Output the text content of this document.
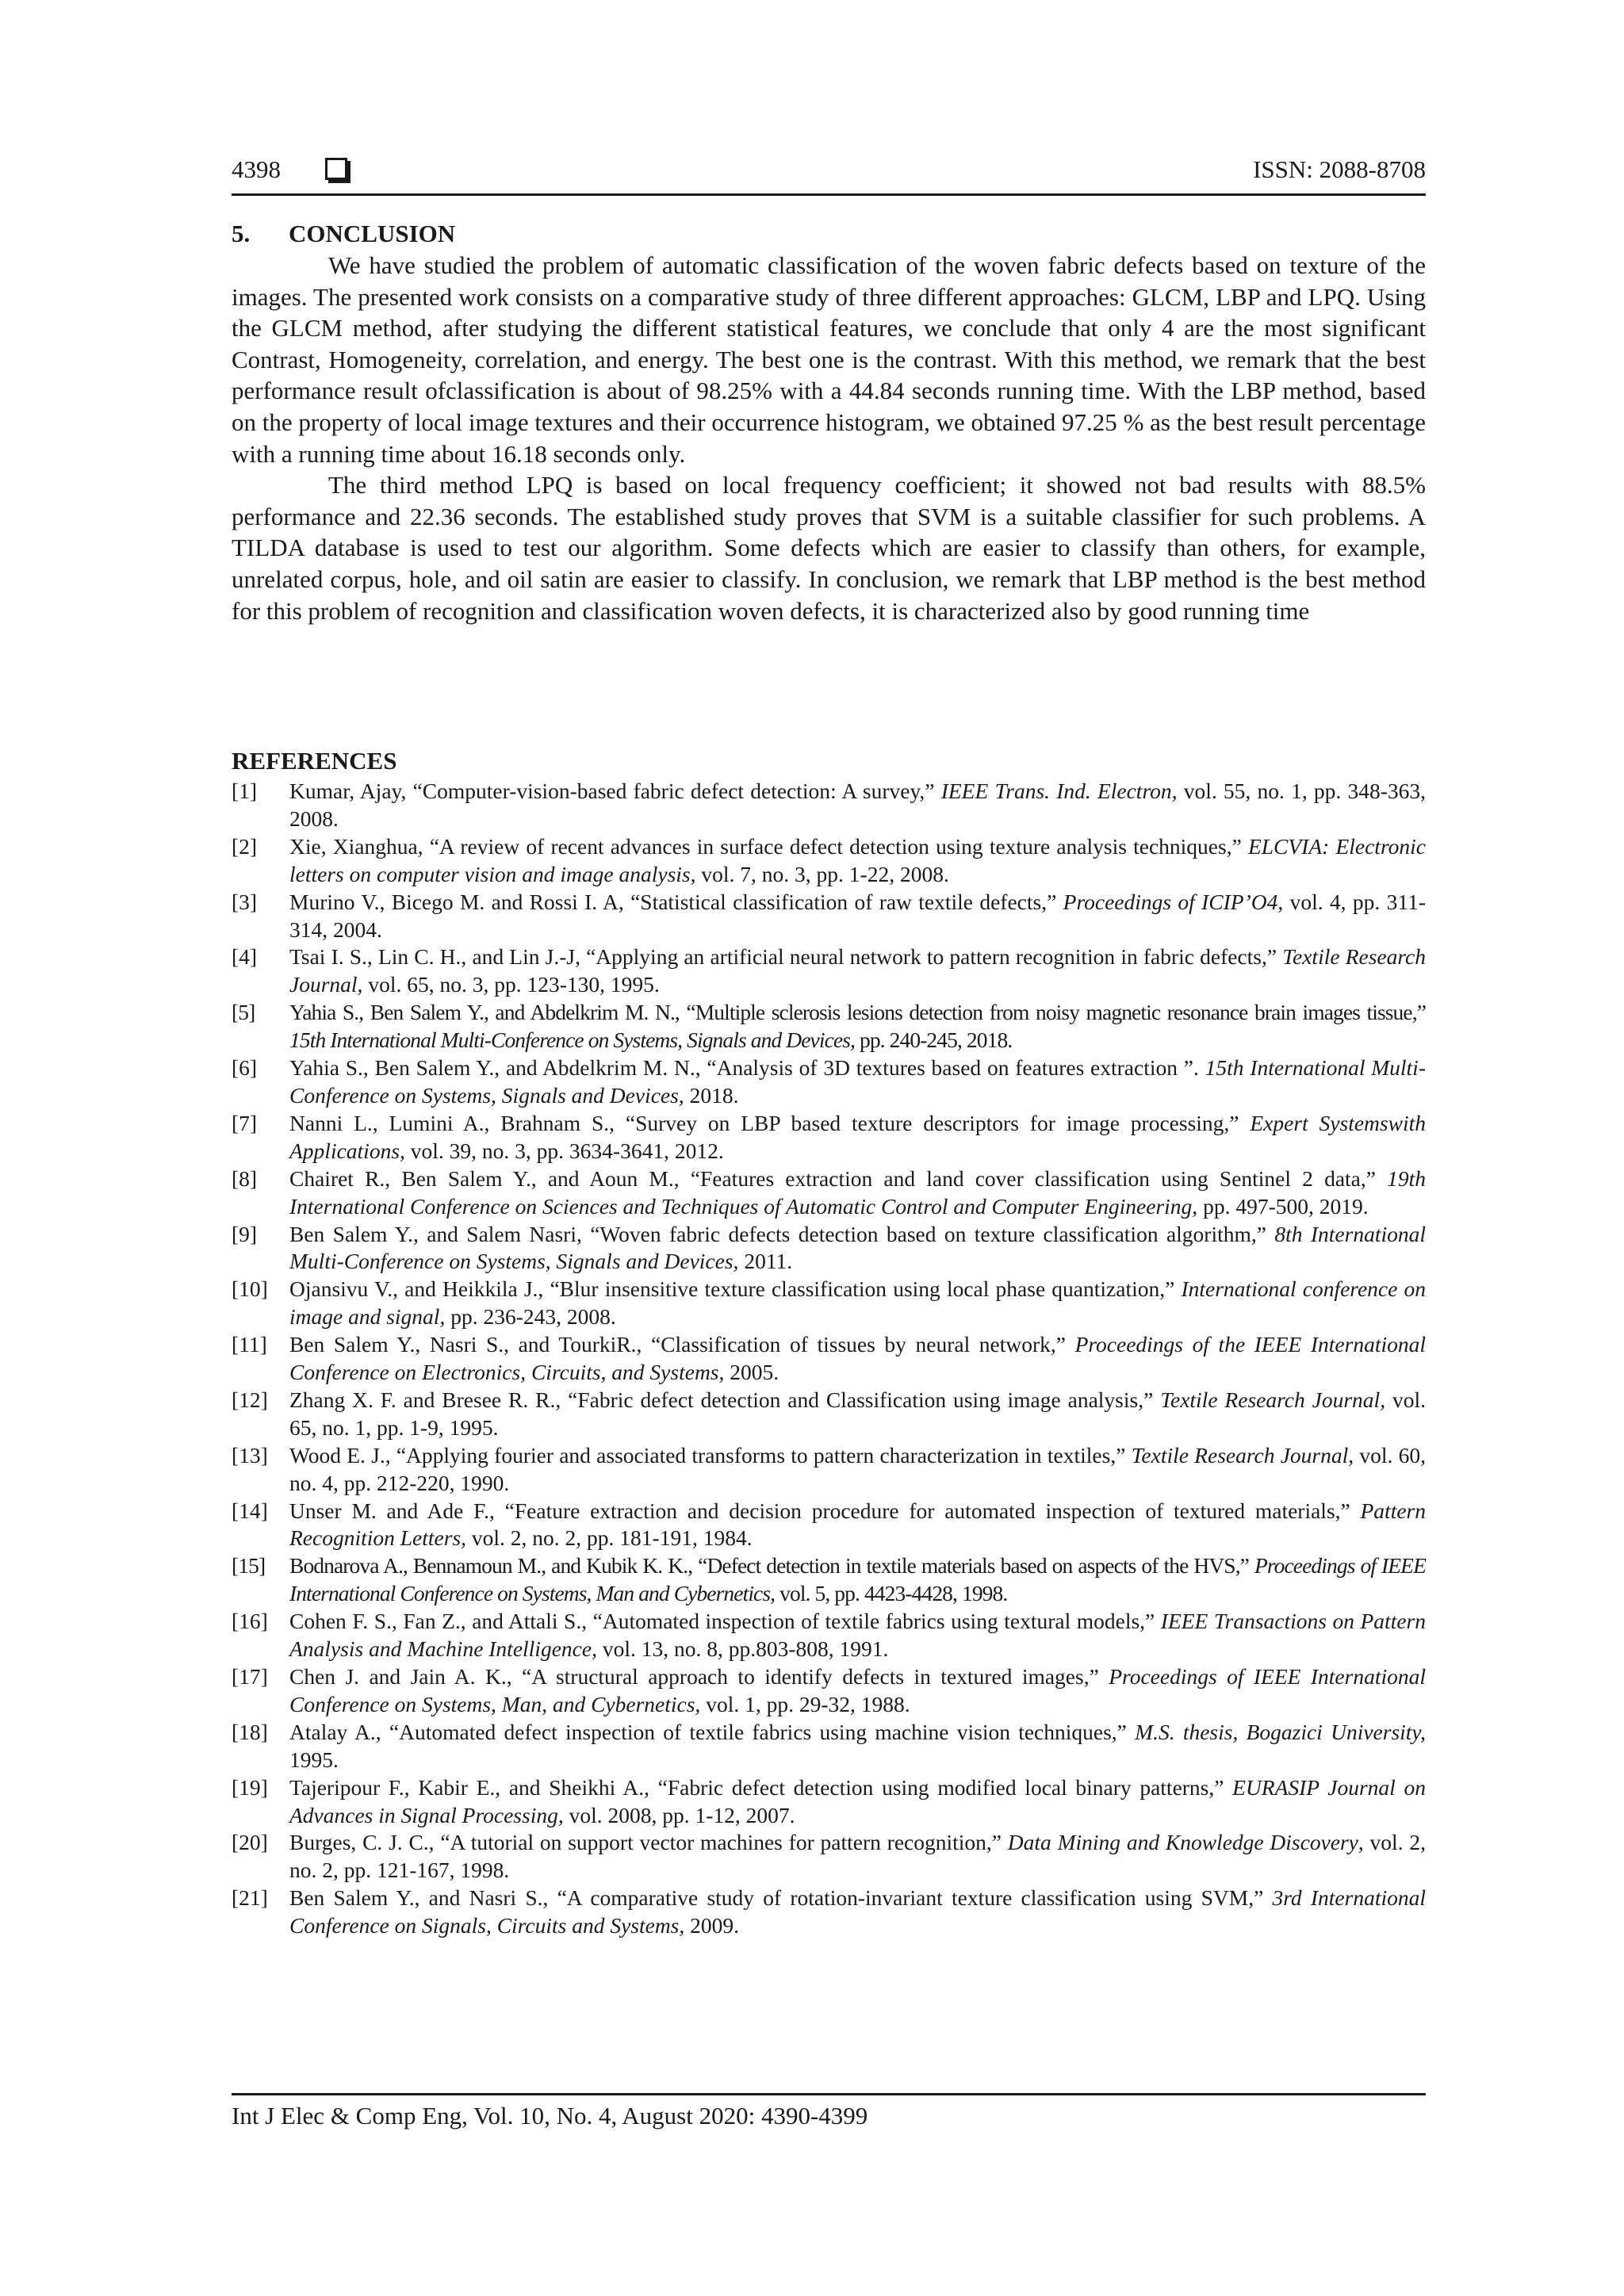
4398	ISSN: 2088-8708
5. CONCLUSION

We have studied the problem of automatic classification of the woven fabric defects based on texture of the images. The presented work consists on a comparative study of three different approaches: GLCM, LBP and LPQ. Using the GLCM method, after studying the different statistical features, we conclude that only 4 are the most significant Contrast, Homogeneity, correlation, and energy. The best one is the contrast. With this method, we remark that the best performance result ofclassification is about of 98.25% with a 44.84 seconds running time. With the LBP method, based on the property of local image textures and their occurrence histogram, we obtained 97.25 % as the best result percentage with a running time about 16.18 seconds only.

The third method LPQ is based on local frequency coefficient; it showed not bad results with 88.5% performance and 22.36 seconds. The established study proves that SVM is a suitable classifier for such problems. A TILDA database is used to test our algorithm. Some defects which are easier to classify than others, for example, unrelated corpus, hole, and oil satin are easier to classify. In conclusion, we remark that LBP method is the best method for this problem of recognition and classification woven defects, it is characterized also by good running time

REFERENCES
[1] Kumar, Ajay, “Computer-vision-based fabric defect detection: A survey,” IEEE Trans. Ind. Electron, vol. 55, no. 1, pp. 348-363, 2008.
[2] Xie, Xianghua, “A review of recent advances in surface defect detection using texture analysis techniques,” ELCVIA: Electronic letters on computer vision and image analysis, vol. 7, no. 3, pp. 1-22, 2008.
[3] Murino V., Bicego M. and Rossi I. A, “Statistical classification of raw textile defects,” Proceedings of ICIP’O4, vol. 4, pp. 311-314, 2004.
[4] Tsai I. S., Lin C. H., and Lin J.-J, “Applying an artificial neural network to pattern recognition in fabric defects,” Textile Research Journal, vol. 65, no. 3, pp. 123-130, 1995.
[5] Yahia S., Ben Salem Y., and Abdelkrim M. N., “Multiple sclerosis lesions detection from noisy magnetic resonance brain images tissue,” 15th International Multi-Conference on Systems, Signals and Devices, pp. 240-245, 2018.
[6] Yahia S., Ben Salem Y., and Abdelkrim M. N., “Analysis of 3D textures based on features extraction ”. 15th International Multi-Conference on Systems, Signals and Devices, 2018.
[7] Nanni L., Lumini A., Brahnam S., “Survey on LBP based texture descriptors for image processing,” Expert Systemswith Applications, vol. 39, no. 3, pp. 3634-3641, 2012.
[8] Chairet R., Ben Salem Y., and Aoun M., “Features extraction and land cover classification using Sentinel 2 data,” 19th International Conference on Sciences and Techniques of Automatic Control and Computer Engineering, pp. 497-500, 2019.
[9] Ben Salem Y., and Salem Nasri, “Woven fabric defects detection based on texture classification algorithm,” 8th International Multi-Conference on Systems, Signals and Devices, 2011.
[10] Ojansivu V., and Heikkila J., “Blur insensitive texture classification using local phase quantization,” International conference on image and signal, pp. 236-243, 2008.
[11] Ben Salem Y., Nasri S., and TourkiR., “Classification of tissues by neural network,” Proceedings of the IEEE International Conference on Electronics, Circuits, and Systems, 2005.
[12] Zhang X. F. and Bresee R. R., “Fabric defect detection and Classification using image analysis,” Textile Research Journal, vol. 65, no. 1, pp. 1-9, 1995.
[13] Wood E. J., “Applying fourier and associated transforms to pattern characterization in textiles,” Textile Research Journal, vol. 60, no. 4, pp. 212-220, 1990.
[14] Unser M. and Ade F., “Feature extraction and decision procedure for automated inspection of textured materials,” Pattern Recognition Letters, vol. 2, no. 2, pp. 181-191, 1984.
[15] Bodnarova A., Bennamoun M., and Kubik K. K., “Defect detection in textile materials based on aspects of the HVS,” Proceedings of IEEE International Conference on Systems, Man and Cybernetics, vol. 5, pp. 4423-4428, 1998.
[16] Cohen F. S., Fan Z., and Attali S., “Automated inspection of textile fabrics using textural models,” IEEE Transactions on Pattern Analysis and Machine Intelligence, vol. 13, no. 8, pp.803-808, 1991.
[17] Chen J. and Jain A. K., “A structural approach to identify defects in textured images,” Proceedings of IEEE International Conference on Systems, Man, and Cybernetics, vol. 1, pp. 29-32, 1988.
[18] Atalay A., “Automated defect inspection of textile fabrics using machine vision techniques,” M.S. thesis, Bogazici University, 1995.
[19] Tajeripour F., Kabir E., and Sheikhi A., “Fabric defect detection using modified local binary patterns,” EURASIP Journal on Advances in Signal Processing, vol. 2008, pp. 1-12, 2007.
[20] Burges, C. J. C., “A tutorial on support vector machines for pattern recognition,” Data Mining and Knowledge Discovery, vol. 2, no. 2, pp. 121-167, 1998.
[21] Ben Salem Y., and Nasri S., “A comparative study of rotation-invariant texture classification using SVM,” 3rd International Conference on Signals, Circuits and Systems, 2009.
Int J Elec & Comp Eng, Vol. 10, No. 4, August 2020: 4390-4399
